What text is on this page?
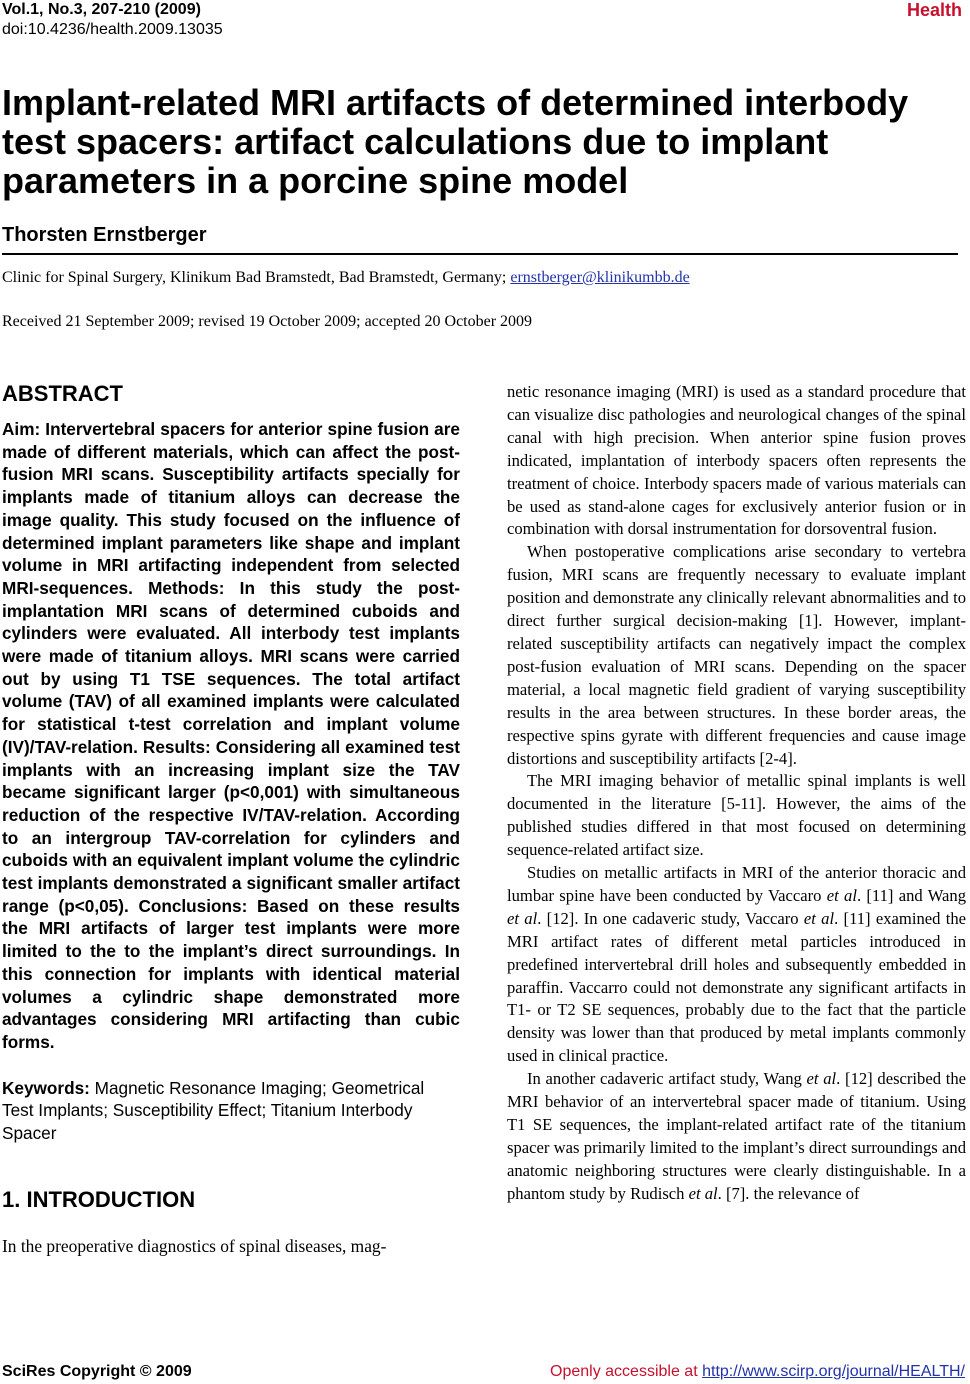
Vol.1, No.3, 207-210 (2009)
doi:10.4236/health.2009.13035
Health
Implant-related MRI artifacts of determined interbody test spacers: artifact calculations due to implant parameters in a porcine spine model
Thorsten Ernstberger
Clinic for Spinal Surgery, Klinikum Bad Bramstedt, Bad Bramstedt, Germany; ernstberger@klinikumbb.de
Received 21 September 2009; revised 19 October 2009; accepted 20 October 2009
ABSTRACT

Aim: Intervertebral spacers for anterior spine fusion are made of different materials, which can affect the post-fusion MRI scans. Susceptibility artifacts specially for implants made of titanium alloys can decrease the image quality. This study focused on the influence of determined implant parameters like shape and implant volume in MRI artifacting independent from selected MRI-sequences. Methods: In this study the post-implantation MRI scans of determined cuboids and cylinders were evaluated. All interbody test implants were made of titanium alloys. MRI scans were carried out by using T1 TSE sequences. The total artifact volume (TAV) of all examined implants were calculated for statistical t-test correlation and implant volume (IV)/TAV-relation. Results: Considering all examined test implants with an increasing implant size the TAV became significant larger (p<0,001) with simultaneous reduction of the respective IV/TAV-relation. According to an intergroup TAV-correlation for cylinders and cuboids with an equivalent implant volume the cylindric test implants demonstrated a significant smaller artifact range (p<0,05). Conclusions: Based on these results the MRI artifacts of larger test implants were more limited to the to the implant’s direct surroundings. In this connection for implants with identical material volumes a cylindric shape demonstrated more advantages considering MRI artifacting than cubic forms.

Keywords: Magnetic Resonance Imaging; Geometrical Test Implants; Susceptibility Effect; Titanium Interbody Spacer

1. INTRODUCTION

In the preoperative diagnostics of spinal diseases, mag-

netic resonance imaging (MRI) is used as a standard procedure that can visualize disc pathologies and neurological changes of the spinal canal with high precision. When anterior spine fusion proves indicated, implantation of interbody spacers often represents the treatment of choice. Interbody spacers made of various materials can be used as stand-alone cages for exclusively anterior fusion or in combination with dorsal instrumentation for dorsoventral fusion.

When postoperative complications arise secondary to vertebra fusion, MRI scans are frequently necessary to evaluate implant position and demonstrate any clinically relevant abnormalities and to direct further surgical decision-making [1]. However, implant-related susceptibility artifacts can negatively impact the complex post-fusion evaluation of MRI scans. Depending on the spacer material, a local magnetic field gradient of varying susceptibility results in the area between structures. In these border areas, the respective spins gyrate with different frequencies and cause image distortions and susceptibility artifacts [2-4].

The MRI imaging behavior of metallic spinal implants is well documented in the literature [5-11]. However, the aims of the published studies differed in that most focused on determining sequence-related artifact size.

Studies on metallic artifacts in MRI of the anterior thoracic and lumbar spine have been conducted by Vaccaro et al. [11] and Wang et al. [12]. In one cadaveric study, Vaccaro et al. [11] examined the MRI artifact rates of different metal particles introduced in predefined intervertebral drill holes and subsequently embedded in paraffin. Vaccarro could not demonstrate any significant artifacts in T1- or T2 SE sequences, probably due to the fact that the particle density was lower than that produced by metal implants commonly used in clinical practice.

In another cadaveric artifact study, Wang et al. [12] described the MRI behavior of an intervertebral spacer made of titanium. Using T1 SE sequences, the implant-related artifact rate of the titanium spacer was primarily limited to the implant’s direct surroundings and anatomic neighboring structures were clearly distinguishable. In a phantom study by Rudisch et al. [7]. the relevance of

SciRes Copyright © 2009	Openly accessible at http://www.scirp.org/journal/HEALTH/
